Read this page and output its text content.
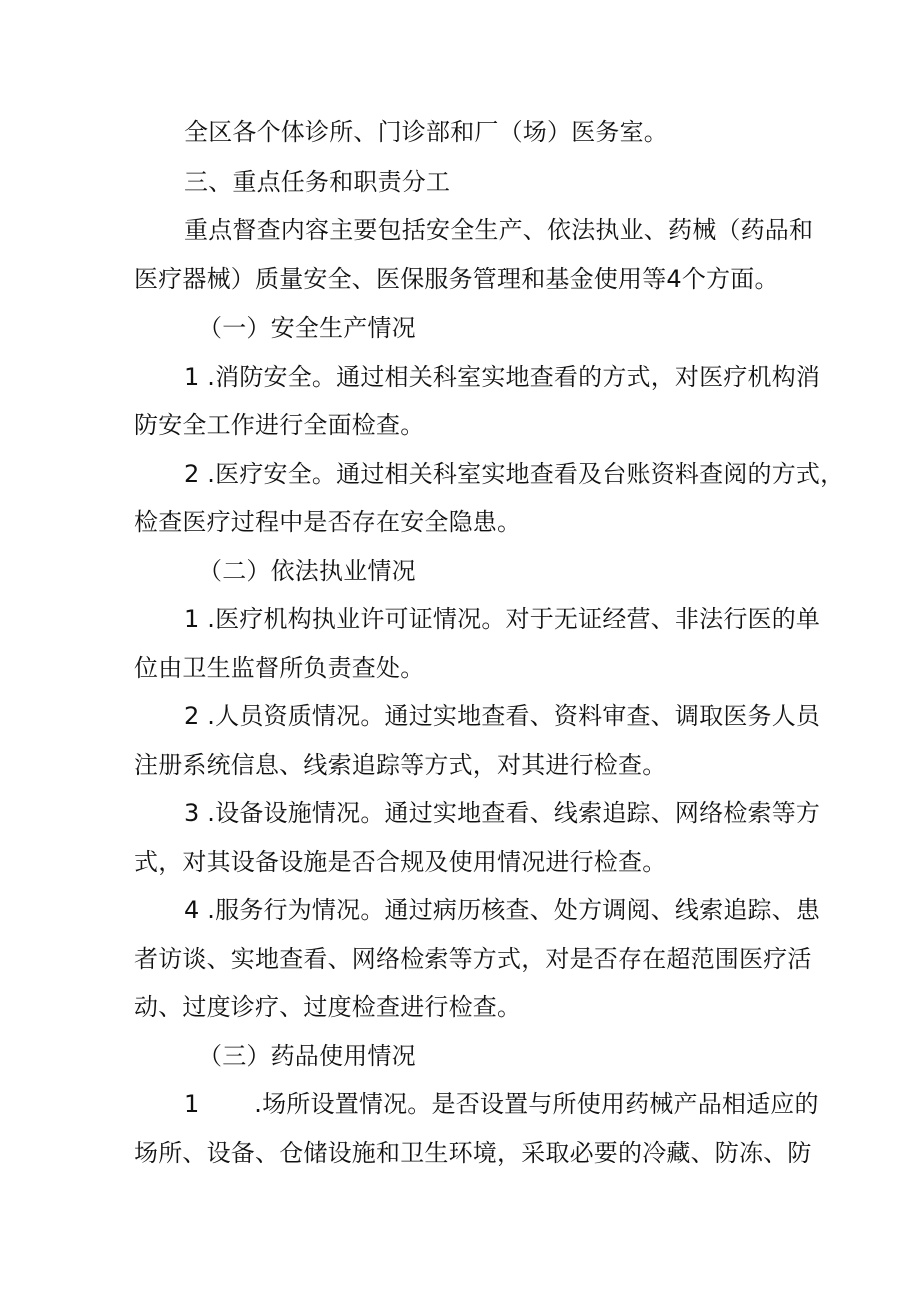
全区各个体诊所、门诊部和厂（场）医务室。
三、重点任务和职责分工
重点督查内容主要包括安全生产、依法执业、药械（药品和
医疗器械）质量安全、医保服务管理和基金使用等4个方面。
（一）安全生产情况
1 .消防安全。通过相关科室实地查看的方式，对医疗机构消
防安全工作进行全面检查。
2 .医疗安全。通过相关科室实地查看及台账资料查阅的方式，
检查医疗过程中是否存在安全隐患。
（二）依法执业情况
1 .医疗机构执业许可证情况。对于无证经营、非法行医的单
位由卫生监督所负责查处。
2 .人员资质情况。通过实地查看、资料审查、调取医务人员
注册系统信息、线索追踪等方式，对其进行检查。
3 .设备设施情况。通过实地查看、线索追踪、网络检索等方
式，对其设备设施是否合规及使用情况进行检查。
4 .服务行为情况。通过病历核查、处方调阅、线索追踪、患
者访谈、实地查看、网络检索等方式，对是否存在超范围医疗活
动、过度诊疗、过度检查进行检查。
（三）药品使用情况
1       .场所设置情况。是否设置与所使用药械产品相适应的
场所、设备、仓储设施和卫生环境，采取必要的冷藏、防冻、防
